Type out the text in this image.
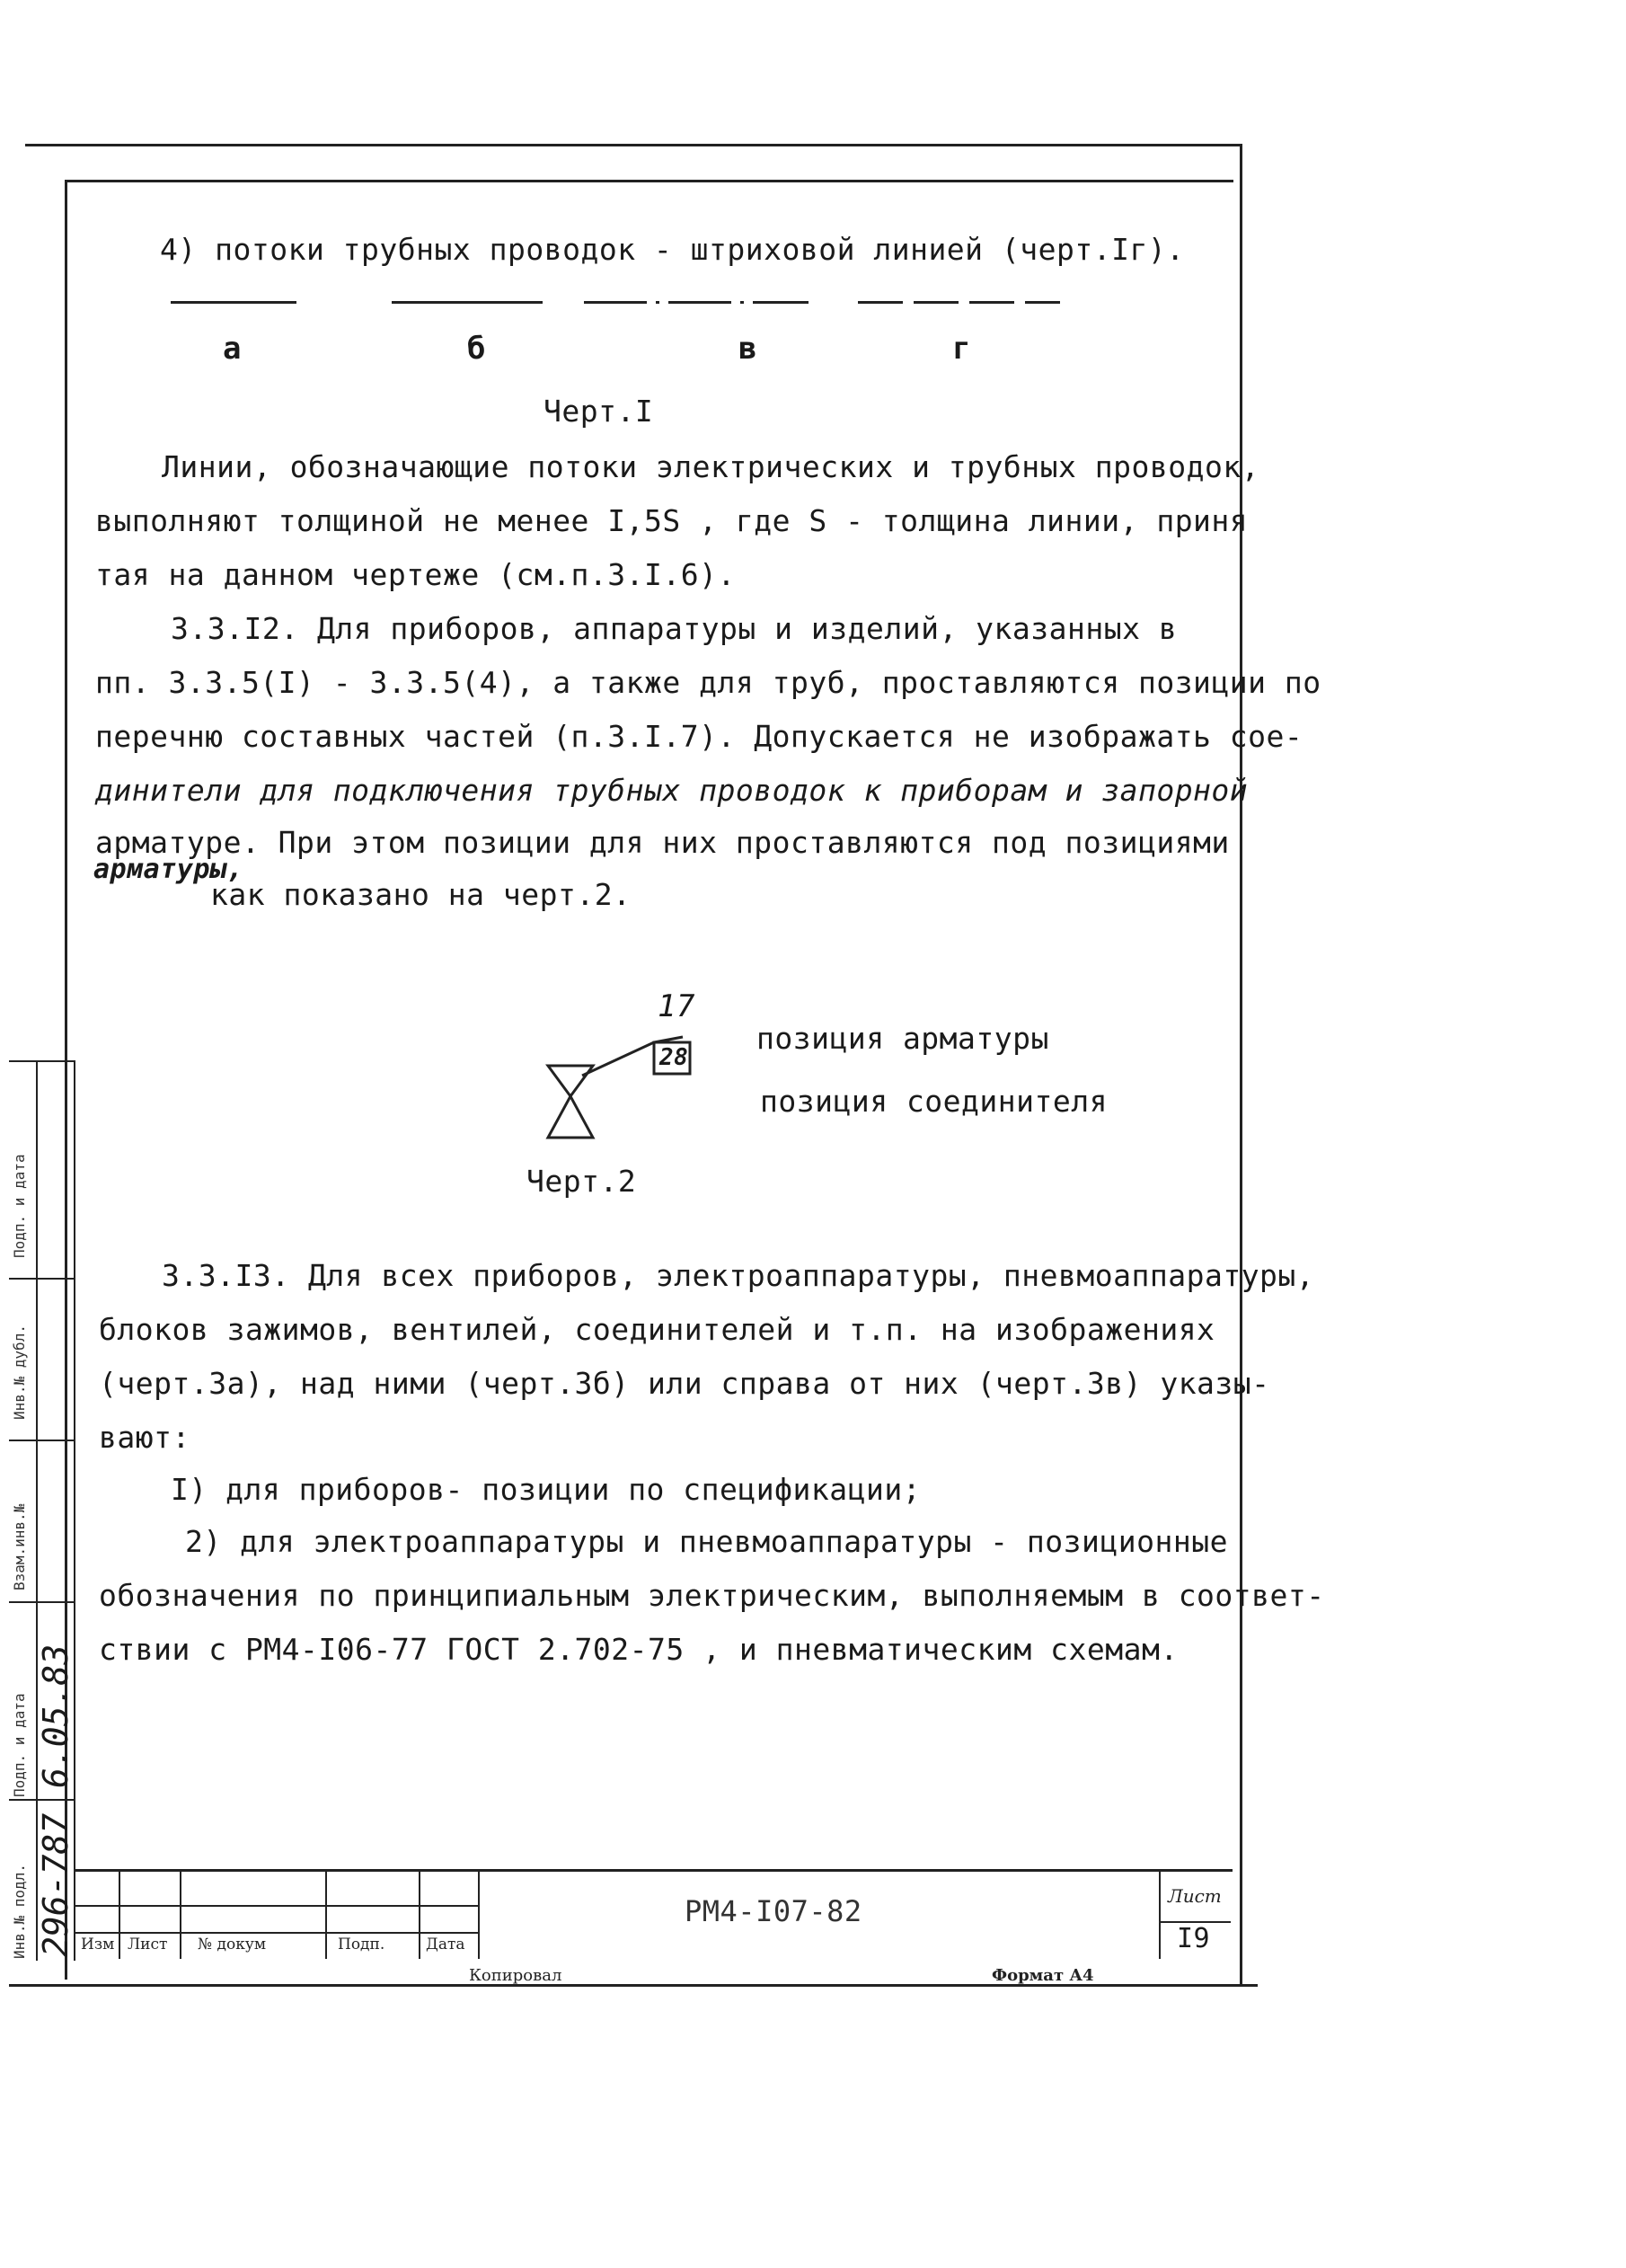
4) потоки трубных проводок - штриховой линией (черт.Iг).
а	б	в	г
Черт.I
Линии, обозначающие потоки электрических и трубных проводок,
выполняют толщиной не менее I,5S , где S - толщина линии, приня
тая на данном чертеже (см.п.3.I.6).
3.3.I2. Для приборов, аппаратуры и изделий, указанных в
пп. 3.3.5(I) - 3.3.5(4), а также для труб, проставляются позиции по
перечню составных частей (п.3.I.7). Допускается не изображать сое-
динители для подключения трубных проводок к приборам и запорной
арматуре. При этом позиции для них проставляются под позициями
арматуры,
как показано на черт.2.
17
28
позиция арматуры
позиция соединителя
Черт.2
3.3.I3. Для всех приборов, электроаппаратуры, пневмоаппаратуры,
блоков зажимов, вентилей, соединителей и т.п. на изображениях
(черт.3а), над ними (черт.3б) или справа от них (черт.3в) указы-
вают:
I) для приборов- позиции по спецификации;
2) для электроаппаратуры и пневмоаппаратуры - позиционные
обозначения по принципиальным электрическим, выполняемым в соответ-
ствии с РМ4-I06-77 ГОСТ 2.702-75 , и пневматическим схемам.
Подп. и дата
Инв.№ дубл.
Взам.инв.№
Подп. и дата
Инв.№ подл.
6.05.83
296-787 Изм Лист № докум	Подп.	Дата
РМ4-I07-82	Лист
I9
Копировал	Формат А4
